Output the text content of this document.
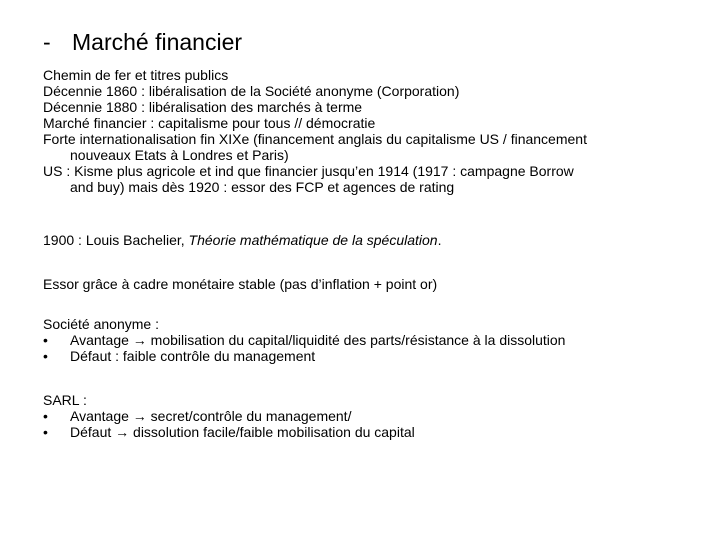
- Marché financier
Chemin de fer et titres publics
Décennie 1860 : libéralisation de la Société anonyme (Corporation)
Décennie 1880 : libéralisation des marchés à terme
Marché financier : capitalisme pour tous // démocratie
Forte internationalisation fin XIXe (financement anglais du capitalisme US / financement
nouveaux Etats à Londres et Paris)
US : Kisme plus agricole et ind que financier jusqu’en 1914 (1917 : campagne Borrow
and buy) mais dès 1920 : essor des FCP et agences de rating
1900 : Louis Bachelier, Théorie mathématique de la spéculation.
Essor grâce à cadre monétaire stable (pas d’inflation + point or)
Société anonyme :
• Avantage → mobilisation du capital/liquidité des parts/résistance à la dissolution
• Défaut : faible contrôle du management
SARL :
• Avantage → secret/contrôle du management/
• Défaut → dissolution facile/faible mobilisation du capital
